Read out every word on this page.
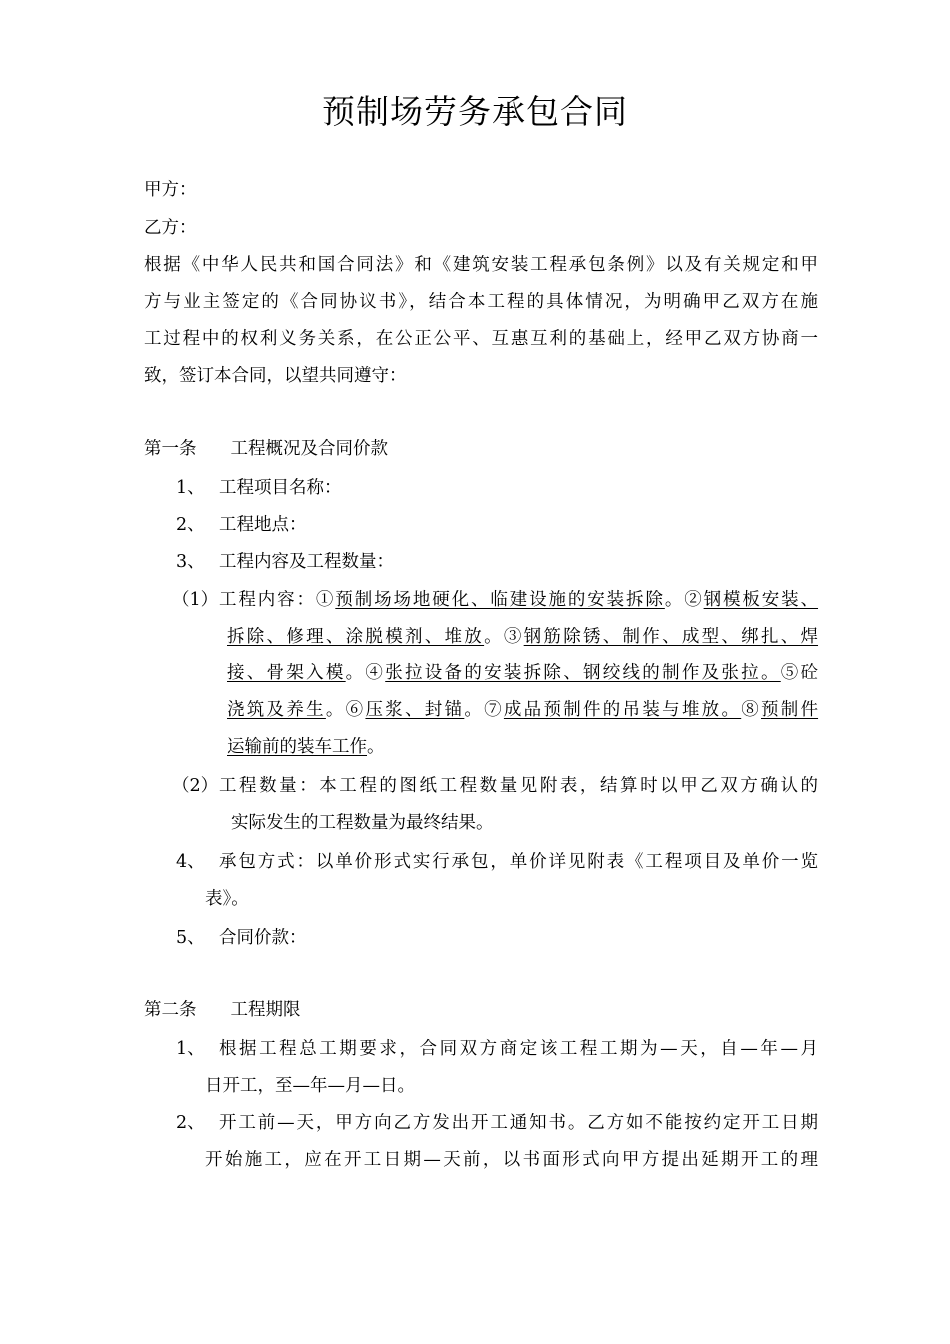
预制场劳务承包合同
甲方：
乙方：
根据《中华人民共和国合同法》和《建筑安装工程承包条例》以及有关规定和甲
方与业主签定的《合同协议书》，结合本工程的具体情况，为明确甲乙双方在施
工过程中的权利义务关系，在公正公平、互惠互利的基础上，经甲乙双方协商一
致，签订本合同，以望共同遵守：
第一条 工程概况及合同价款
1、 工程项目名称：
2、 工程地点：
3、 工程内容及工程数量：
（1） 工程内容：①预制场场地硬化、临建设施的安装拆除。②钢模板安装、
拆除、修理、涂脱模剂、堆放。③钢筋除锈、制作、成型、绑扎、焊
接、骨架入模。④张拉设备的安装拆除、钢绞线的制作及张拉。⑤砼
浇筑及养生。⑥压浆、封锚。⑦成品预制件的吊装与堆放。⑧预制件
运输前的装车工作。
（2） 工程数量：本工程的图纸工程数量见附表，结算时以甲乙双方确认的
实际发生的工程数量为最终结果。
4、 承包方式：以单价形式实行承包，单价详见附表《工程项目及单价一览
表》。
5、 合同价款：
第二条 工程期限
1、 根据工程总工期要求，合同双方商定该工程工期为—天，自—年—月
日开工，至—年—月—日。
2、 开工前—天，甲方向乙方发出开工通知书。乙方如不能按约定开工日期
开始施工，应在开工日期—天前，以书面形式向甲方提出延期开工的理
